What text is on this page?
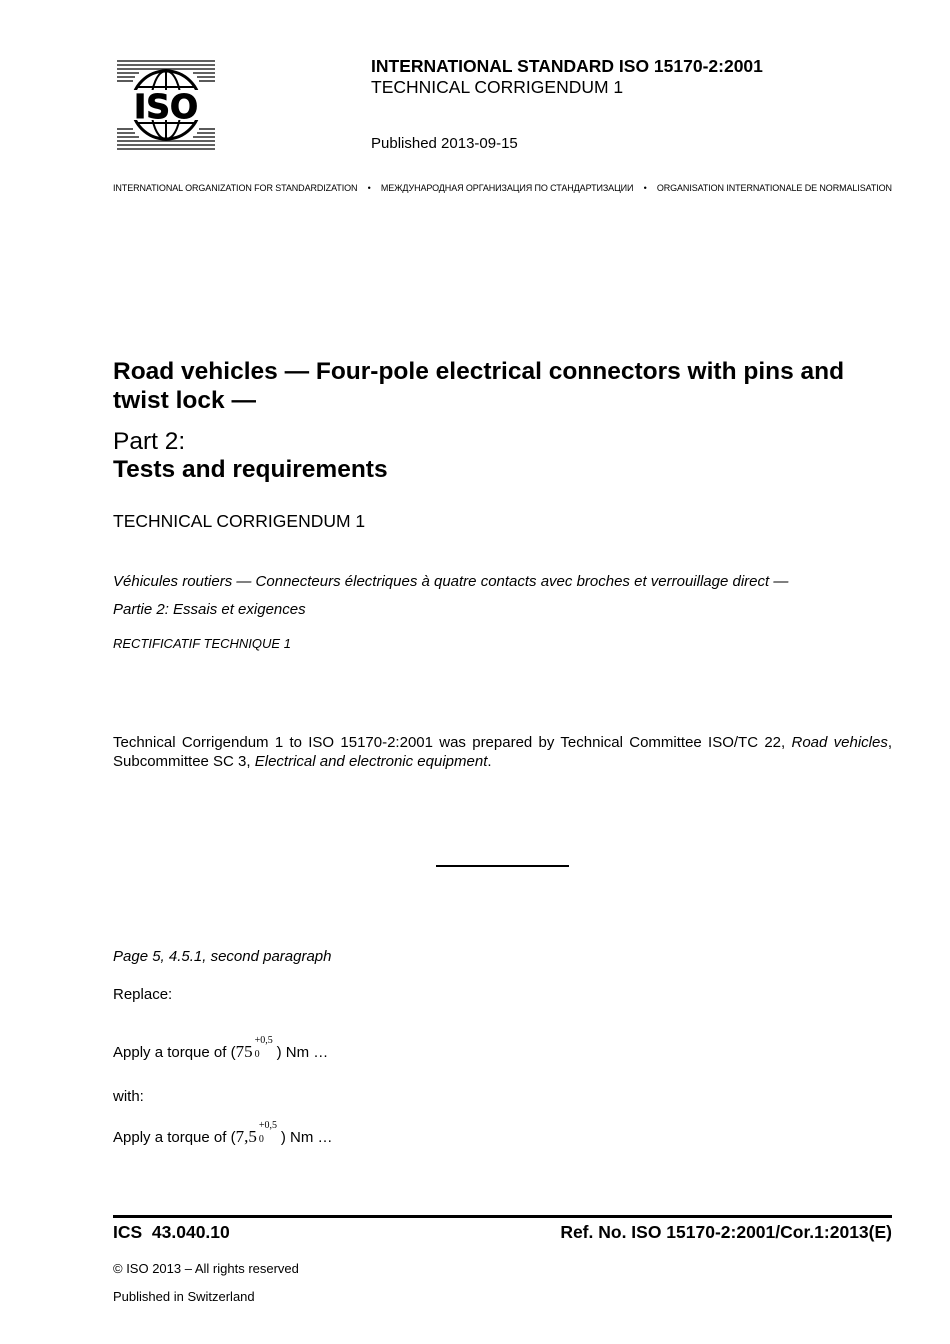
ISO
INTERNATIONAL STANDARD ISO 15170-2:2001
TECHNICAL CORRIGENDUM 1
Published 2013-09-15
INTERNATIONAL ORGANIZATION FOR STANDARDIZATION • МЕЖДУНАРОДНАЯ ОРГАНИЗАЦИЯ ПО СТАНДАРТИЗАЦИИ • ORGANISATION INTERNATIONALE DE NORMALISATION
Road vehicles — Four-pole electrical connectors with pins and twist lock —
Part 2:
Tests and requirements
TECHNICAL CORRIGENDUM 1
Véhicules routiers — Connecteurs électriques à quatre contacts avec broches et verrouillage direct —
Partie 2: Essais et exigences
RECTIFICATIF TECHNIQUE 1
Technical Corrigendum 1 to ISO 15170-2:2001 was prepared by Technical Committee ISO/TC 22, Road vehicles, Subcommittee SC 3, Electrical and electronic equipment.
Page 5, 4.5.1, second paragraph
Replace:
Apply a torque of (75
+0,5
0 ) Nm …
with:
Apply a torque of (7,5
+0,5
0 ) Nm …
ICS  43.040.10	Ref. No. ISO 15170-2:2001/Cor.1:2013(E)
© ISO 2013 – All rights reserved
Published in Switzerland
